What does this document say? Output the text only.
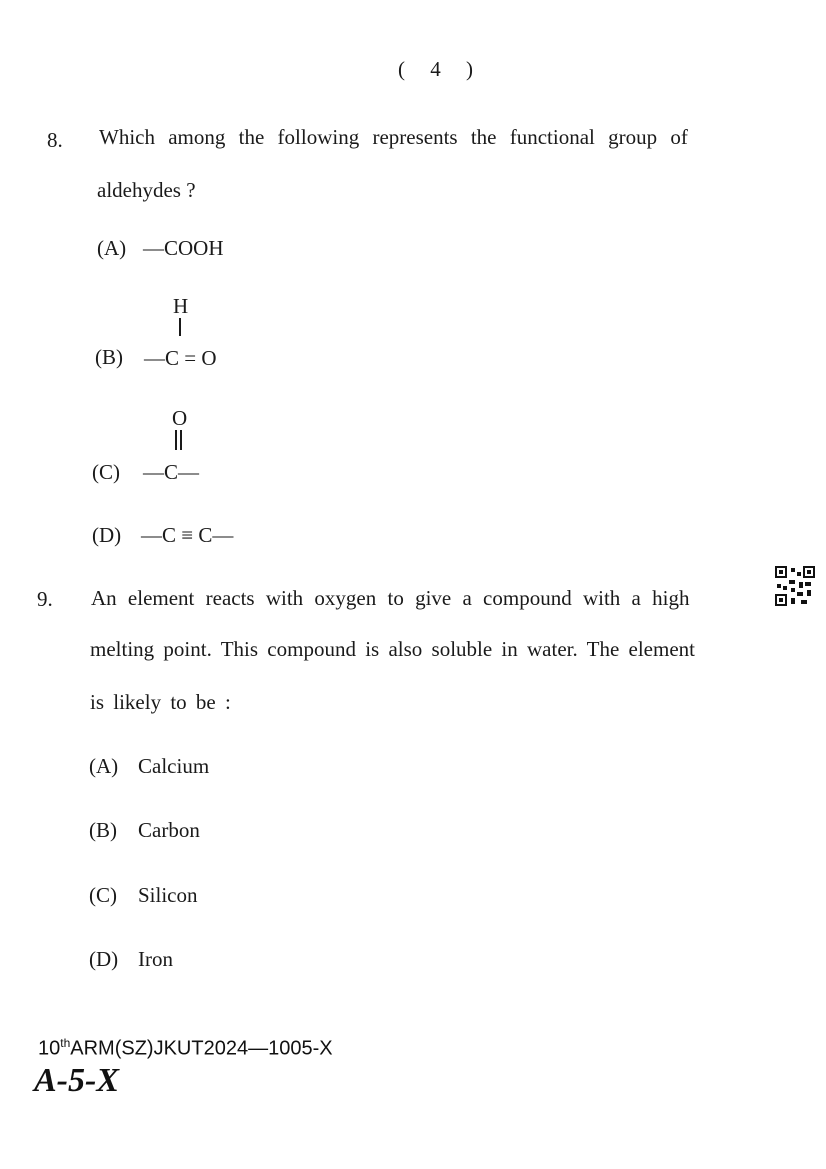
( 4 )
8. Which among the following represents the functional group of
aldehydes ?
(A) —COOH
H
(B) —C = O
O
(C) —C—
(D) —C ≡ C—
9. An element reacts with oxygen to give a compound with a high
melting point. This compound is also soluble in water. The element
is likely to be :
(A) Calcium
(B) Carbon
(C) Silicon
(D) Iron
10thARM(SZ)JKUT2024—1005-X
A-5-X
